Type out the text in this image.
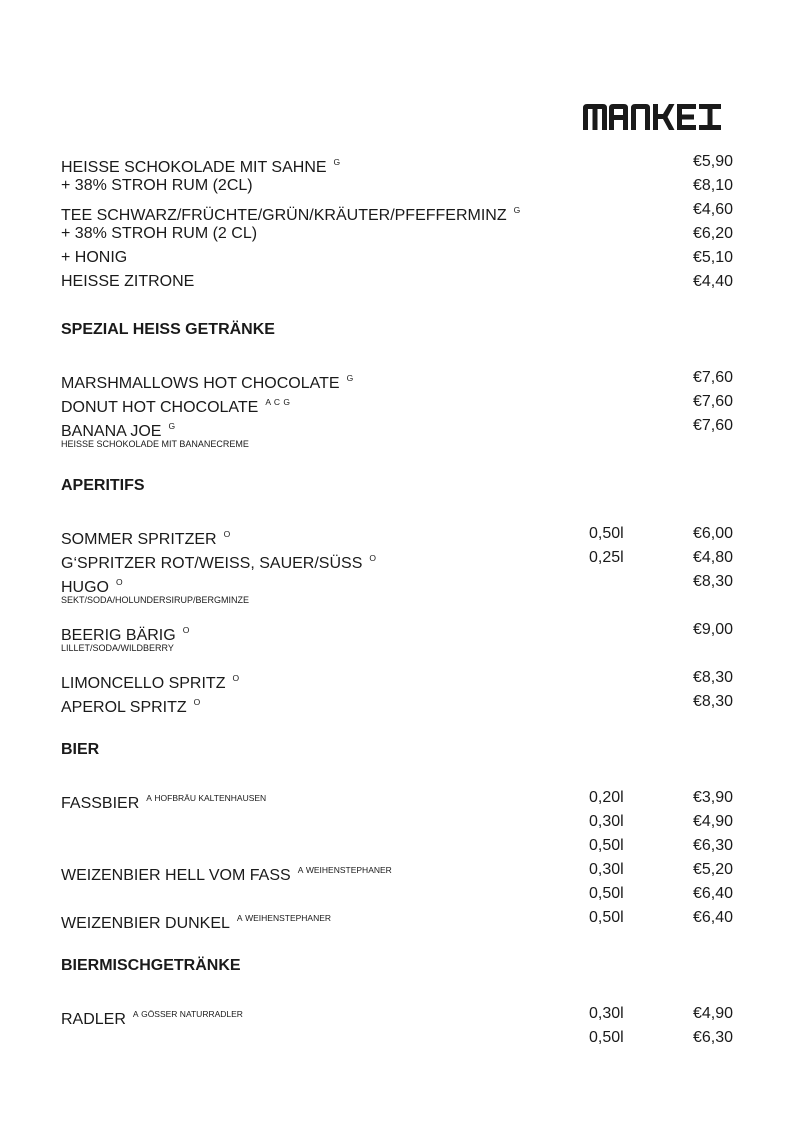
HEISSE SCHOKOLADE MIT SAHNE $^G$	€5,90
+ 38% STROH RUM (2CL)	€8,10
TEE SCHWARZ/FRÜCHTE/GRÜN/KRÄUTER/PFEFFERMINZ $^G$	€4,60
+ 38% STROH RUM (2 CL)	€6,20
+ HONIG	€5,10
HEISSE ZITRONE	€4,40
SPEZIAL HEISS GETRÄNKE
MARSHMALLOWS HOT CHOCOLATE $^G$	€7,60
DONUT HOT CHOCOLATE $^{A C G}$	€7,60
BANANA JOE $^G$	€7,60
HEISSE SCHOKOLADE MIT BANANECREME
APERITIFS
SOMMER SPRITZER $^O$	0,50l	€6,00
G‘SPRITZER ROT/WEISS, SAUER/SÜSS $^O$	0,25l	€4,80
HUGO $^O$	€8,30
SEKT/SODA/HOLUNDERSIRUP/BERGMINZE
BEERIG BÄRIG $^O$	€9,00
LILLET/SODA/WILDBERRY
LIMONCELLO SPRITZ $^O$	€8,30
APEROL SPRITZ $^O$	€8,30
BIER
FASSBIER $^A$ $^{HOFBRÄU KALTENHAUSEN}$	0,20l	€3,90
0,30l	€4,90
0,50l	€6,30
WEIZENBIER HELL VOM FASS $^A$ $^{WEIHENSTEPHANER}$	0,30l	€5,20
0,50l	€6,40
WEIZENBIER DUNKEL $^A$ $^{WEIHENSTEPHANER}$	0,50l	€6,40
BIERMISCHGETRÄNKE
RADLER $^A$ $^{GÖSSER NATURRADLER}$	0,30l	€4,90
0,50l	€6,30
